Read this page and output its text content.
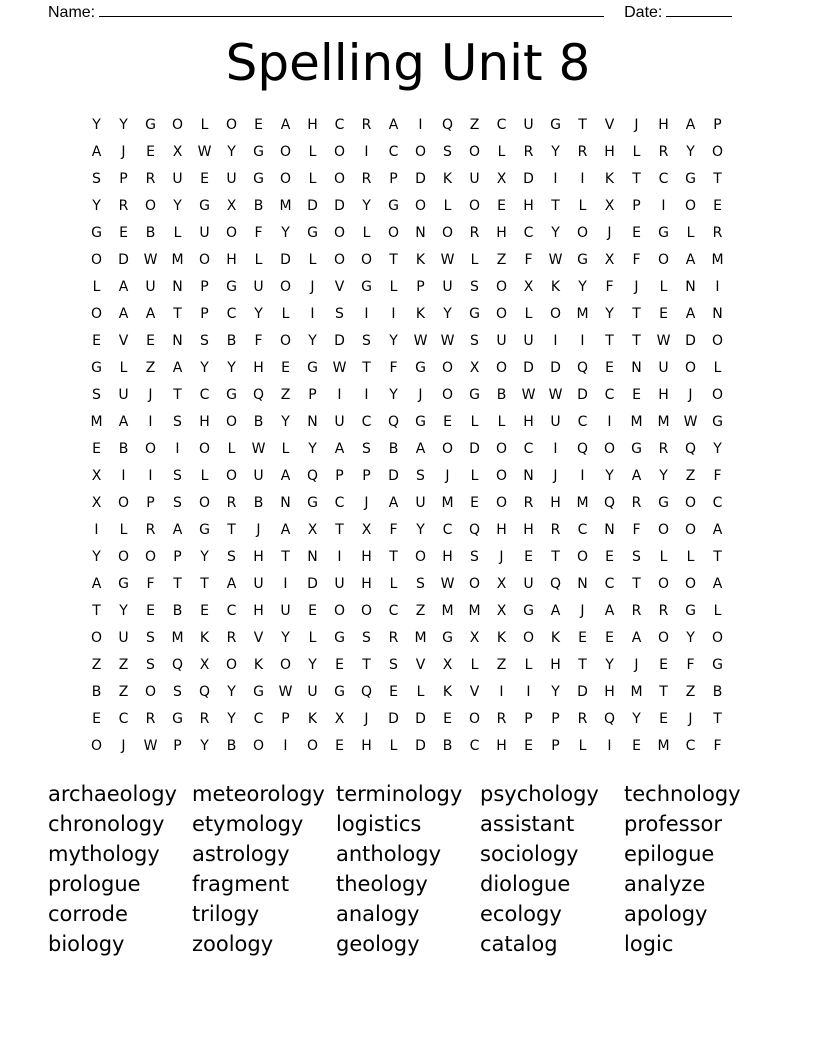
Name:	Date:
Spelling Unit 8
Y	Y	G	O	L	O	E	A	H	C	R	A	I	Q	Z	C	U	G	T	V	J	H	A	P
A	J	E	X	W	Y	G	O	L	O	I	C	O	S	O	L	R	Y	R	H	L	R	Y	O
S	P	R	U	E	U	G	O	L	O	R	P	D	K	U	X	D	I	I	K	T	C	G	T
Y	R	O	Y	G	X	B	M	D	D	Y	G	O	L	O	E	H	T	L	X	P	I	O	E
G	E	B	L	U	O	F	Y	G	O	L	O	N	O	R	H	C	Y	O	J	E	G	L	R
O	D	W	M	O	H	L	D	L	O	O	T	K	W	L	Z	F	W	G	X	F	O	A	M
L	A	U	N	P	G	U	O	J	V	G	L	P	U	S	O	X	K	Y	F	J	L	N	I
O	A	A	T	P	C	Y	L	I	S	I	I	K	Y	G	O	L	O	M	Y	T	E	A	N
E	V	E	N	S	B	F	O	Y	D	S	Y	W W	S	U	U	I	I	T	T	W	D	O
G	L	Z	A	Y	Y	H	E	G	W	T	F	G	O	X	O	D	D	Q	E	N	U	O	L
S	U	J	T	C	G	Q	Z	P	I	I	Y	J	O	G	B	W W	D	C	E	H	J	O
M	A	I	S	H	O	B	Y	N	U	C	Q	G	E	L	L	H	U	C	I	M	M	W	G
E	B	O	I	O	L	W	L	Y	A	S	B	A	O	D	O	C	I	Q	O	G	R	Q	Y
X	I	I	S	L	O	U	A	Q	P	P	D	S	J	L	O	N	J	I	Y	A	Y	Z	F
X	O	P	S	O	R	B	N	G	C	J	A	U	M	E	O	R	H	M	Q	R	G	O	C
I	L	R	A	G	T	J	A	X	T	X	F	Y	C	Q	H	H	R	C	N	F	O	O	A
Y	O	O	P	Y	S	H	T	N	I	H	T	O	H	S	J	E	T	O	E	S	L	L	T
A	G	F	T	T	A	U	I	D	U	H	L	S	W	O	X	U	Q	N	C	T	O	O	A
T	Y	E	B	E	C	H	U	E	O	O	C	Z	M	M	X	G	A	J	A	R	R	G	L
O	U	S	M	K	R	V	Y	L	G	S	R	M	G	X	K	O	K	E	E	A	O	Y	O
Z	Z	S	Q	X	O	K	O	Y	E	T	S	V	X	L	Z	L	H	T	Y	J	E	F	G
B	Z	O	S	Q	Y	G	W	U	G	Q	E	L	K	V	I	I	Y	D	H	M	T	Z	B
E	C	R	G	R	Y	C	P	K	X	J	D	D	E	O	R	P	P	R	Q	Y	E	J	T
O	J	W	P	Y	B	O	I	O	E	H	L	D	B	C	H	E	P	L	I	E	M	C	F
archaeology meteorology terminology psychology	technology
chronology	etymology	logistics	assistant	professor
mythology	astrology	anthology	sociology	epilogue
prologue	fragment	theology	diologue	analyze
corrode	trilogy	analogy	ecology	apology
biology	zoology	geology	catalog	logic
